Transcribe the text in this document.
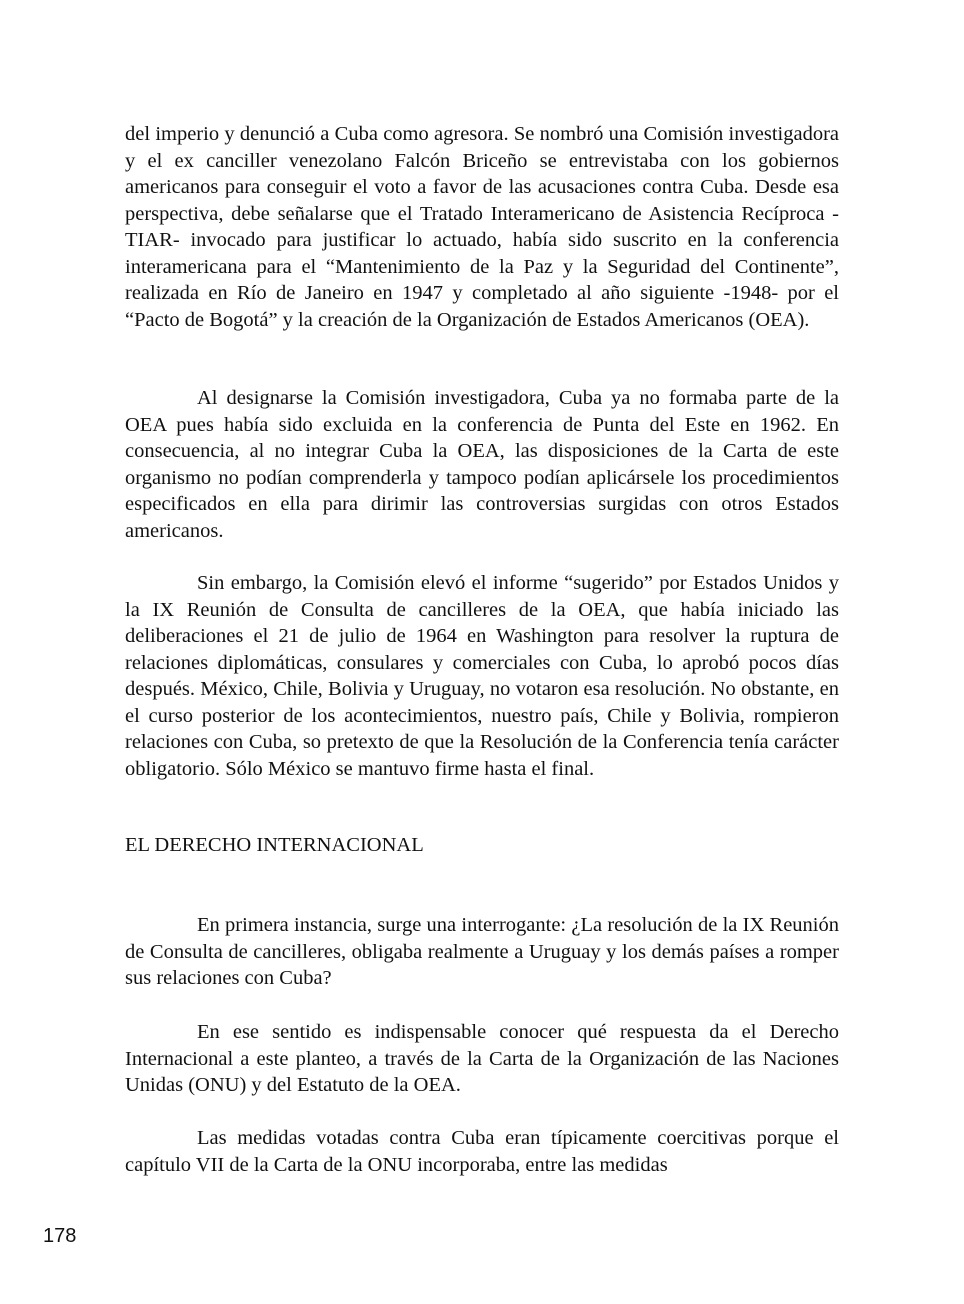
del imperio y denunció a Cuba como agresora. Se nombró una Comisión investigadora y el ex canciller venezolano Falcón Briceño se entrevistaba con los gobiernos americanos para conseguir el voto a favor de las acusaciones contra Cuba. Desde esa perspectiva, debe señalarse que el Tratado Interamericano de Asistencia Recíproca -TIAR- invocado para justificar lo actuado, había sido suscrito en la conferencia interamericana para el “Mantenimiento de la Paz y la Seguridad del Continente”, realizada en Río de Janeiro en 1947 y completado al año siguiente -1948- por el “Pacto de Bogotá” y la creación de la Organización de Estados Americanos (OEA).

Al designarse la Comisión investigadora, Cuba ya no formaba parte de la OEA pues había sido excluida en la conferencia de Punta del Este en 1962. En consecuencia, al no integrar Cuba la OEA, las disposiciones de la Carta de este organismo no podían comprenderla y tampoco podían aplicársele los procedimientos especificados en ella para dirimir las controversias surgidas con otros Estados americanos.

Sin embargo, la Comisión elevó el informe “sugerido” por Estados Unidos y la IX Reunión de Consulta de cancilleres de la OEA, que había iniciado las deliberaciones el 21 de julio de 1964 en Washington para resolver la ruptura de relaciones diplomáticas, consulares y comerciales con Cuba, lo aprobó pocos días después. México, Chile, Bolivia y Uruguay, no votaron esa resolución. No obstante, en el curso posterior de los acontecimientos, nuestro país, Chile y Bolivia, rompieron relaciones con Cuba, so pretexto de que la Resolución de la Conferencia tenía carácter obligatorio. Sólo México se mantuvo firme hasta el final.

EL DERECHO INTERNACIONAL

En primera instancia, surge una interrogante: ¿La resolución de la IX Reunión de Consulta de cancilleres, obligaba realmente a Uruguay y los demás países a romper sus relaciones con Cuba?

En ese sentido es indispensable conocer qué respuesta da el Derecho Internacional a este planteo, a través de la Carta de la Organización de las Naciones Unidas (ONU) y del Estatuto de la OEA.

Las medidas votadas contra Cuba eran típicamente coercitivas porque el capítulo VII de la Carta de la ONU incorporaba, entre las medidas

178
